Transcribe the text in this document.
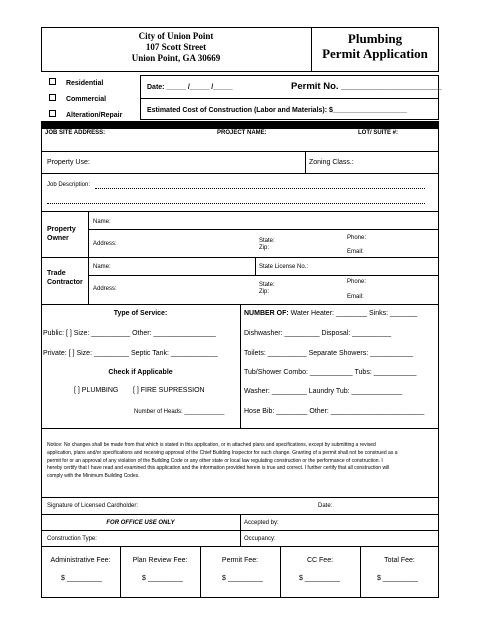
City of Union Point
107 Scott Street
Union Point, GA 30669
Plumbing
Permit Application
Residential
Commercial
Alteration/Repair
Date: _____ /_____ /_____	Permit No. ___________________
Estimated Cost of Construction (Labor and Materials): $___________________
JOB SITE ADDRESS:	PROJECT NAME:	LOT/ SUITE #:
Property Use:	Zoning Class.:
Job Description:
Property
Owner
Name:
Address:	State:
Zip:
Phone:
Email:
Trade
Contractor
Name:	State License No.:
Address:
State:
Zip:
Phone:
Email:
Type of Service:
Public: [ ] Size: __________ Other: ________________
Private: [ ] Size: _________ Septic Tank: ____________
Check if Applicable
[ ] PLUMBING [ ] FIRE SUPRESSION
Number of Heads: ____________
NUMBER OF: Water Heater: ________ Sinks: _______
Dishwasher: _________ Disposal: __________
Toilets: __________ Separate Showers: ___________
Tub/Shower Combo: ___________ Tubs: ___________
Washer: _________ Laundry Tub: _____________
Hose Bib: ________ Other: ________________________
Notice: No changes shall be made from that which is stated in this application, or in attached plans and specifications, except by submitting a revised
application, plans and/or specifications and receiving approval of the Chief Building Inspector for such change. Granting of a permit shall not be construed as a
permit for or an approval of any violation of the Building Code or any other state or local law regulating construction or the performance of construction. I
hereby certify that I have read and examined this application and the information provided herein is true and correct. I further certify that all construction will
comply with the Minimum Building Codes.
Signature of Licensed Cardholder:	Date:
FOR OFFICE USE ONLY	Accepted by:
Construction Type:	Occupancy:
Administrative Fee:
$ _________
Plan Review Fee:
$ _________
Permit Fee:
$ _________
CC Fee:
$ _________
Total Fee:
$ _________
